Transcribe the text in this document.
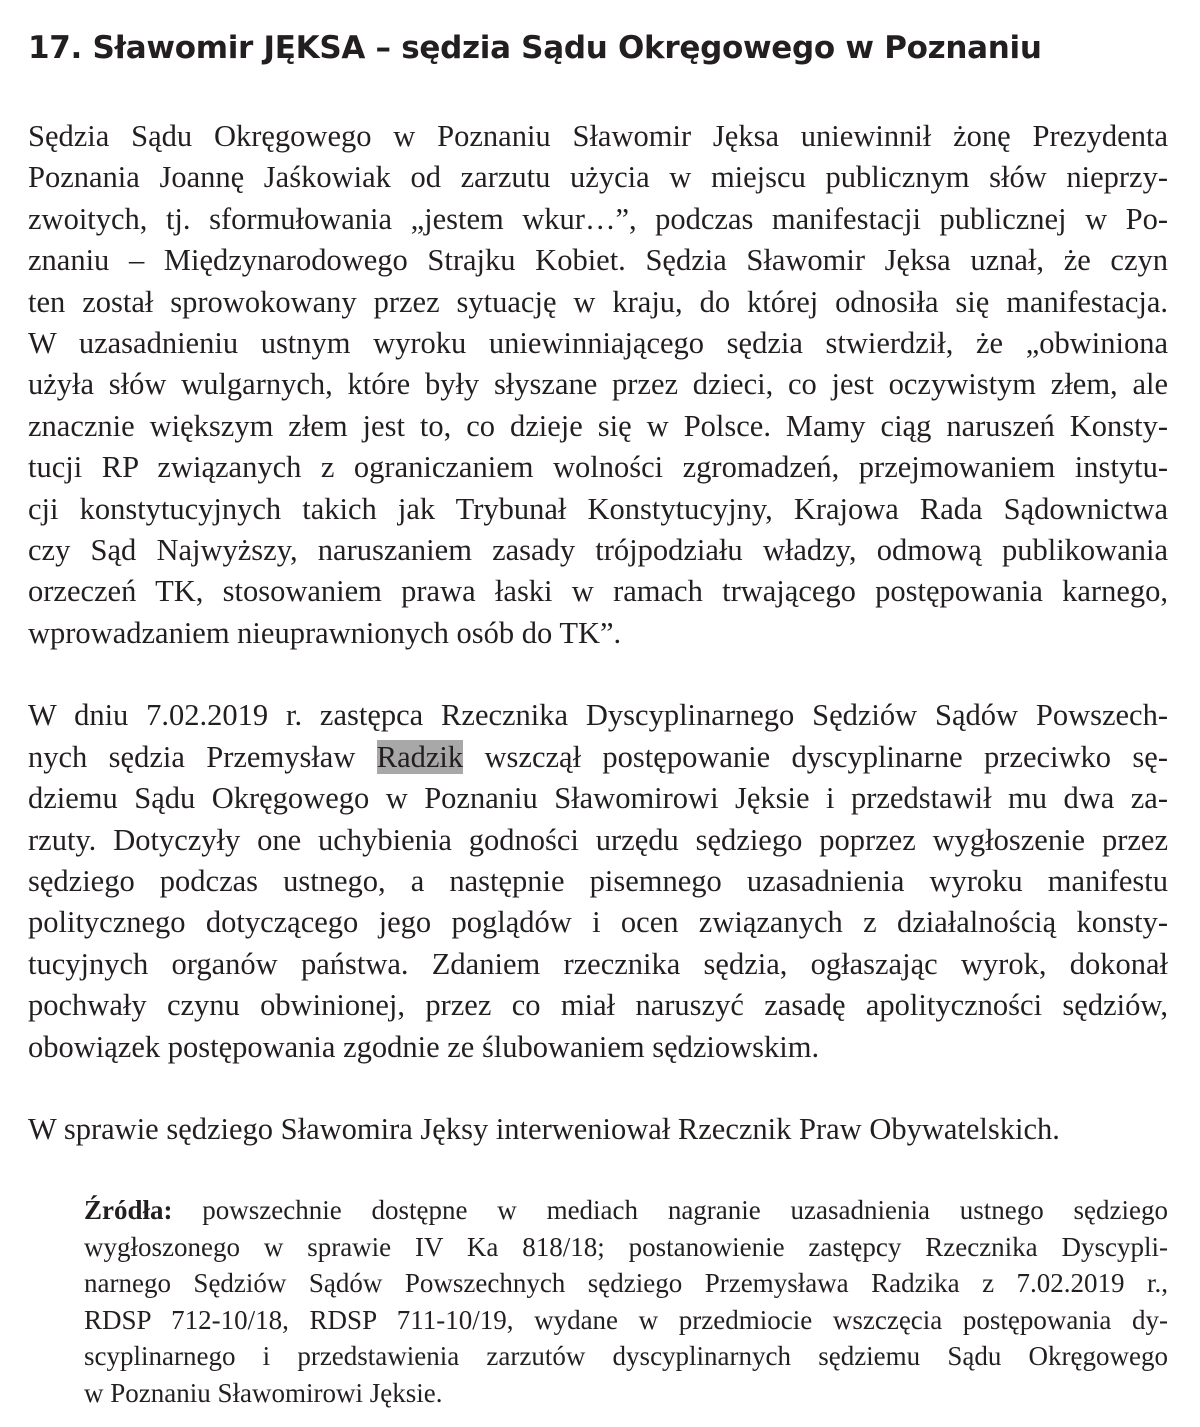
17. Sławomir JĘKSA – sędzia Sądu Okręgowego w Poznaniu
Sędzia Sądu Okręgowego w Poznaniu Sławomir Jęksa uniewinnił żonę Prezydenta
Poznania Joannę Jaśkowiak od zarzutu użycia w miejscu publicznym słów nieprzy-
zwoitych, tj. sformułowania „jestem wkur…”, podczas manifestacji publicznej w Po-
znaniu – Międzynarodowego Strajku Kobiet. Sędzia Sławomir Jęksa uznał, że czyn
ten został sprowokowany przez sytuację w kraju, do której odnosiła się manifestacja.
W uzasadnieniu ustnym wyroku uniewinniającego sędzia stwierdził, że „obwiniona
użyła słów wulgarnych, które były słyszane przez dzieci, co jest oczywistym złem, ale
znacznie większym złem jest to, co dzieje się w Polsce. Mamy ciąg naruszeń Konsty-
tucji RP związanych z ograniczaniem wolności zgromadzeń, przejmowaniem instytu-
cji konstytucyjnych takich jak Trybunał Konstytucyjny, Krajowa Rada Sądownictwa
czy Sąd Najwyższy, naruszaniem zasady trójpodziału władzy, odmową publikowania
orzeczeń TK, stosowaniem prawa łaski w ramach trwającego postępowania karnego,
wprowadzaniem nieuprawnionych osób do TK”.
W dniu 7.02.2019 r. zastępca Rzecznika Dyscyplinarnego Sędziów Sądów Powszech-
nych sędzia Przemysław Radzik wszczął postępowanie dyscyplinarne przeciwko sę-
dziemu Sądu Okręgowego w Poznaniu Sławomirowi Jęksie i przedstawił mu dwa za-
rzuty. Dotyczyły one uchybienia godności urzędu sędziego poprzez wygłoszenie przez
sędziego podczas ustnego, a następnie pisemnego uzasadnienia wyroku manifestu
politycznego dotyczącego jego poglądów i ocen związanych z działalnością konsty-
tucyjnych organów państwa. Zdaniem rzecznika sędzia, ogłaszając wyrok, dokonał
pochwały czynu obwinionej, przez co miał naruszyć zasadę apolityczności sędziów,
obowiązek postępowania zgodnie ze ślubowaniem sędziowskim.
W sprawie sędziego Sławomira Jęksy interweniował Rzecznik Praw Obywatelskich.
Źródła: powszechnie dostępne w mediach nagranie uzasadnienia ustnego sędziego
wygłoszonego w sprawie IV Ka 818/18; postanowienie zastępcy Rzecznika Dyscypli-
narnego Sędziów Sądów Powszechnych sędziego Przemysława Radzika z 7.02.2019 r.,
RDSP 712-10/18, RDSP 711-10/19, wydane w przedmiocie wszczęcia postępowania dy-
scyplinarnego i przedstawienia zarzutów dyscyplinarnych sędziemu Sądu Okręgowego
w Poznaniu Sławomirowi Jęksie.
